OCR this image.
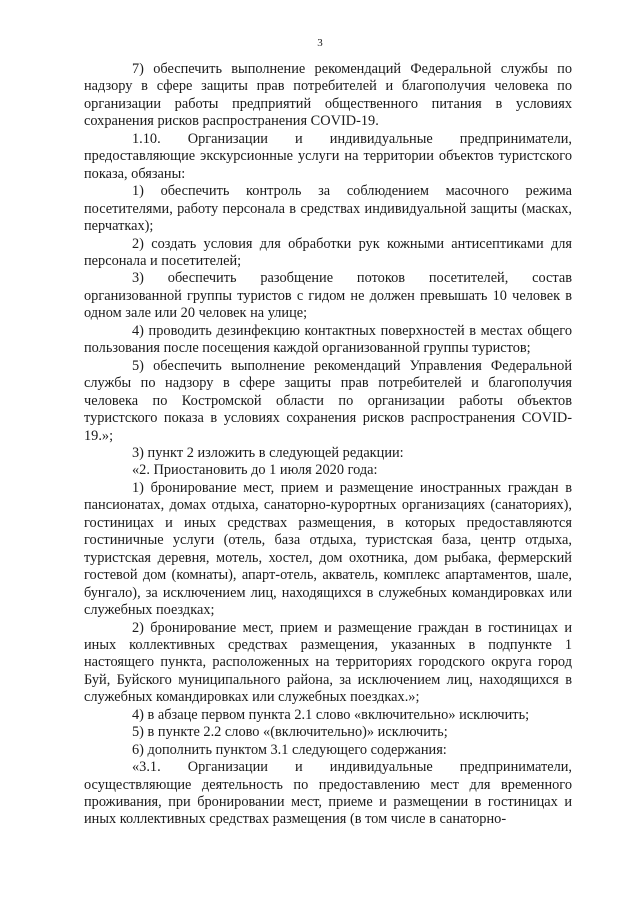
3

7) обеспечить выполнение рекомендаций Федеральной службы по надзору в сфере защиты прав потребителей и благополучия человека по организации работы предприятий общественного питания в условиях сохранения рисков распространения COVID-19.

1.10. Организации и индивидуальные предприниматели, предоставляющие экскурсионные услуги на территории объектов туристского показа, обязаны:

1) обеспечить контроль за соблюдением масочного режима посетителями, работу персонала в средствах индивидуальной защиты (масках, перчатках);

2) создать условия для обработки рук кожными антисептиками для персонала и посетителей;

3) обеспечить разобщение потоков посетителей, состав организованной группы туристов с гидом не должен превышать 10 человек в одном зале или 20 человек на улице;

4) проводить дезинфекцию контактных поверхностей в местах общего пользования после посещения каждой организованной группы туристов;

5) обеспечить выполнение рекомендаций Управления Федеральной службы по надзору в сфере защиты прав потребителей и благополучия человека по Костромской области по организации работы объектов туристского показа в условиях сохранения рисков распространения COVID-19.»;

3) пункт 2 изложить в следующей редакции:

«2. Приостановить до 1 июля 2020 года:

1) бронирование мест, прием и размещение иностранных граждан в пансионатах, домах отдыха, санаторно-курортных организациях (санаториях), гостиницах и иных средствах размещения, в которых предоставляются гостиничные услуги (отель, база отдыха, туристская база, центр отдыха, туристская деревня, мотель, хостел, дом охотника, дом рыбака, фермерский гостевой дом (комнаты), апарт-отель, акватель, комплекс апартаментов, шале, бунгало), за исключением лиц, находящихся в служебных командировках или служебных поездках;

2) бронирование мест, прием и размещение граждан в гостиницах и иных коллективных средствах размещения, указанных в подпункте 1 настоящего пункта, расположенных на территориях городского округа город Буй, Буйского муниципального района, за исключением лиц, находящихся в служебных командировках или служебных поездках.»;

4) в абзаце первом пункта 2.1 слово «включительно» исключить;

5) в пункте 2.2 слово «(включительно)» исключить;

6) дополнить пунктом 3.1 следующего содержания:

«3.1. Организации и индивидуальные предприниматели, осуществляющие деятельность по предоставлению мест для временного проживания, при бронировании мест, приеме и размещении в гостиницах и иных коллективных средствах размещения (в том числе в санаторно-
